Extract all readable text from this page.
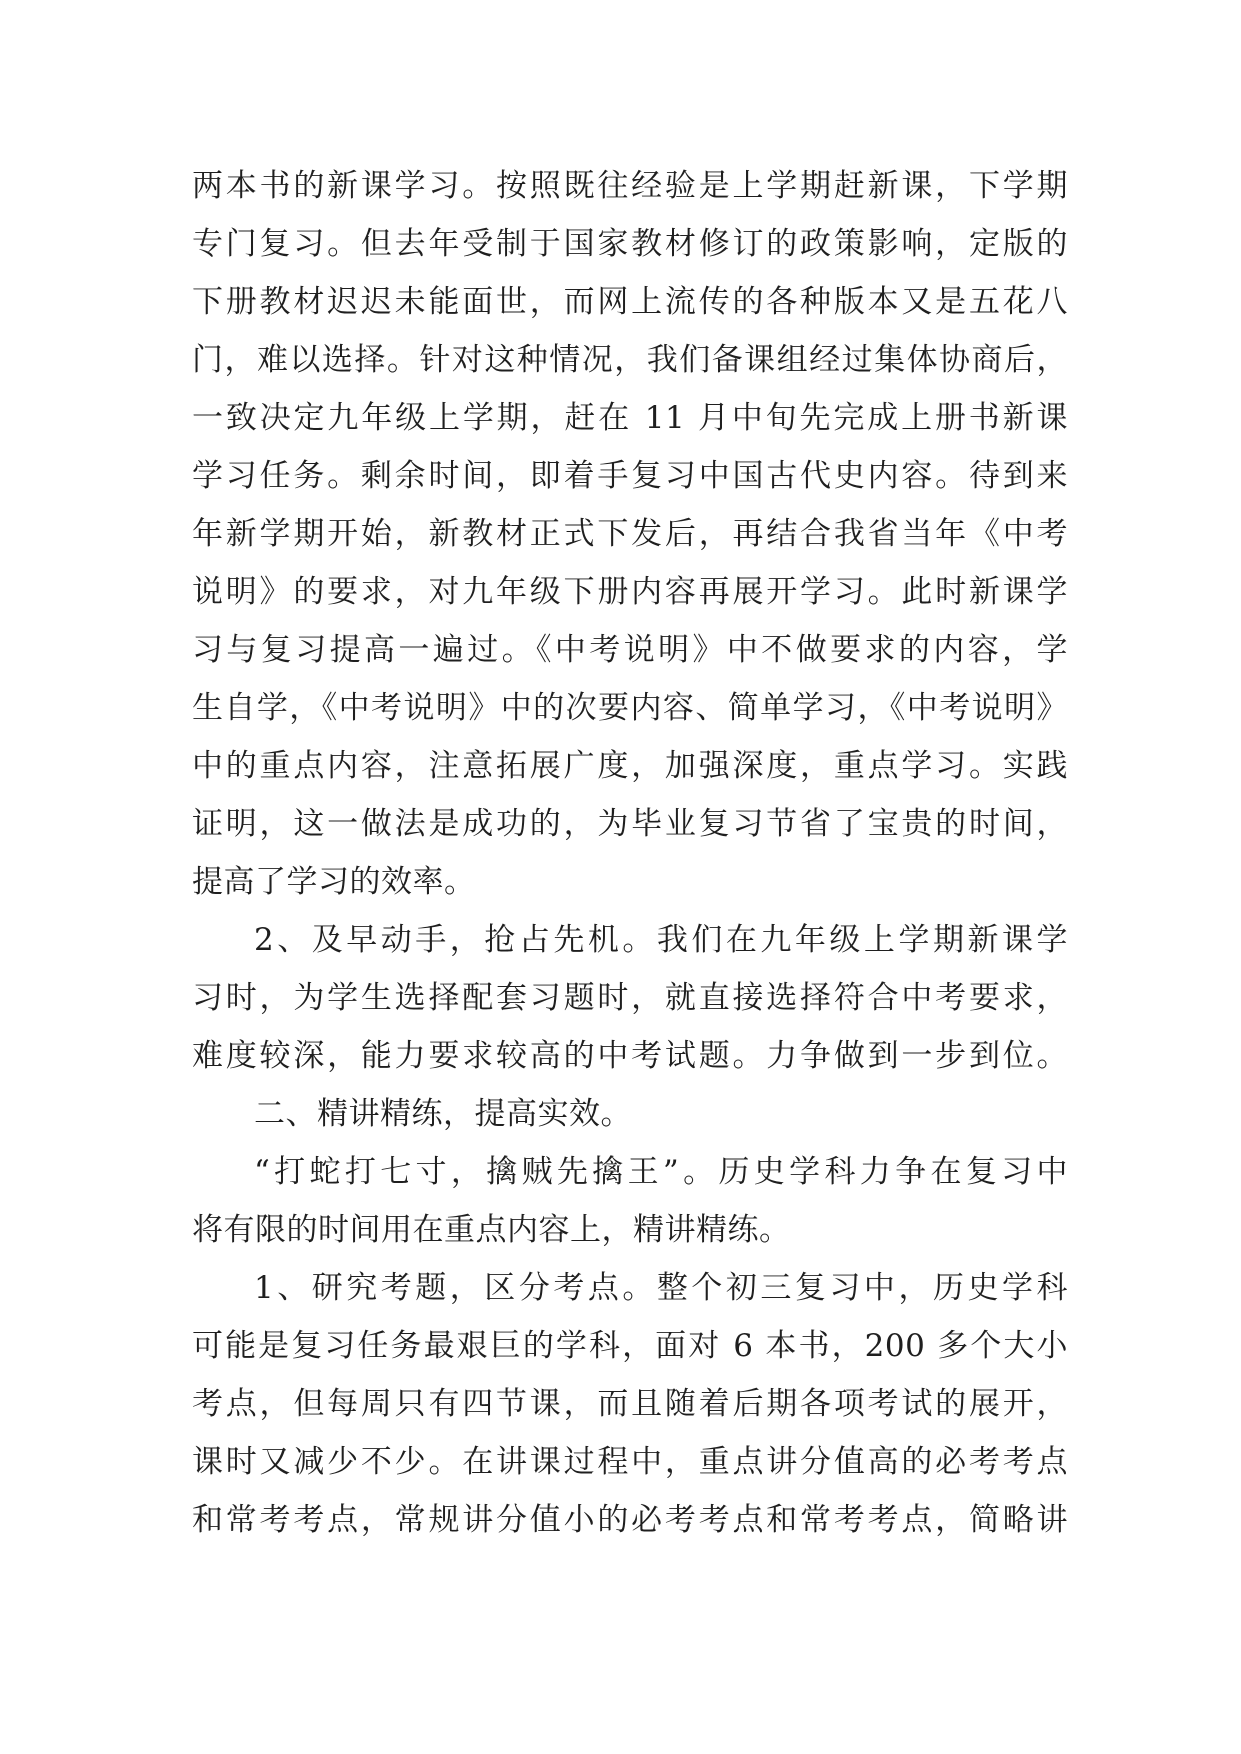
两本书的新课学习。按照既往经验是上学期赶新课，下学期
专门复习。但去年受制于国家教材修订的政策影响，定版的
下册教材迟迟未能面世，而网上流传的各种版本又是五花八
门，难以选择。针对这种情况，我们备课组经过集体协商后，
一致决定九年级上学期，赶在 11 月中旬先完成上册书新课
学习任务。剩余时间，即着手复习中国古代史内容。待到来
年新学期开始，新教材正式下发后，再结合我省当年《中考
说明》的要求，对九年级下册内容再展开学习。此时新课学
习与复习提高一遍过。《中考说明》中不做要求的内容，学
生自学，《中考说明》中的次要内容、简单学习，《中考说明》
中的重点内容，注意拓展广度，加强深度，重点学习。实践
证明，这一做法是成功的，为毕业复习节省了宝贵的时间，
提高了学习的效率。
2、及早动手，抢占先机。我们在九年级上学期新课学
习时，为学生选择配套习题时，就直接选择符合中考要求，
难度较深，能力要求较高的中考试题。力争做到一步到位。
二、精讲精练，提高实效。
“打蛇打七寸，擒贼先擒王”。历史学科力争在复习中
将有限的时间用在重点内容上，精讲精练。
1、研究考题，区分考点。整个初三复习中，历史学科
可能是复习任务最艰巨的学科，面对 6 本书，200 多个大小
考点，但每周只有四节课，而且随着后期各项考试的展开，
课时又减少不少。在讲课过程中，重点讲分值高的必考考点
和常考考点，常规讲分值小的必考考点和常考考点，简略讲
